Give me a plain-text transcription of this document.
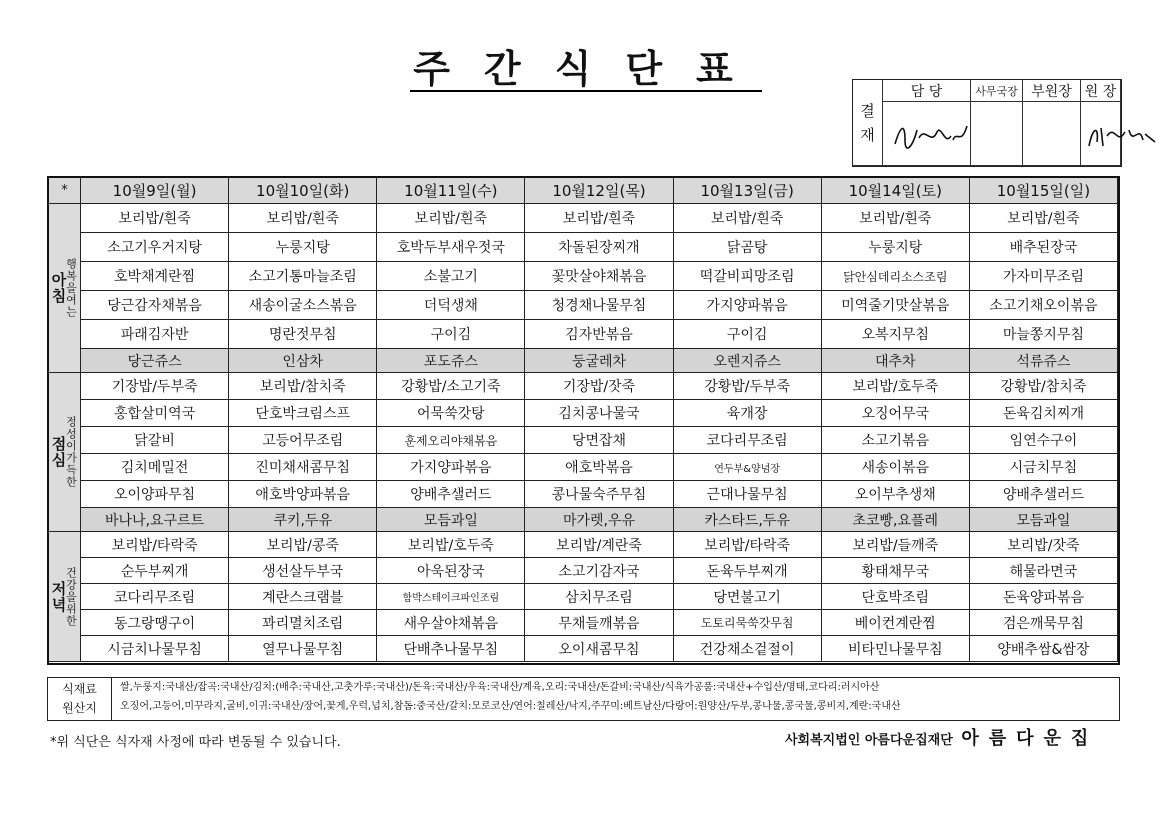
주간식단표
결
재
담 당	사무국장 부원장 원 장
*	10월9일(월)	10월10일(화)	10월11일(수)	10월12일(목)	10월13일(금)	10월14일(토)	10월15일(일)
행복을여는
아침
보리밥/흰죽	보리밥/흰죽	보리밥/흰죽	보리밥/흰죽	보리밥/흰죽	보리밥/흰죽	보리밥/흰죽
소고기우거지탕	누룽지탕	호박두부새우젓국	차돌된장찌개	닭곰탕	누룽지탕	배추된장국
호박채계란찜	소고기통마늘조림	소불고기	꽃맛살야채볶음	떡갈비피망조림	닭안심데리소스조림	가자미무조림
당근감자채볶음	새송이굴소스볶음	더덕생채	청경채나물무침	가지양파볶음	미역줄기맛살볶음	소고기채오이볶음
파래김자반	명란젓무침	구이김	김자반볶음	구이김	오복지무침	마늘쫑지무침
당근쥬스	인삼차	포도쥬스	둥굴레차	오렌지쥬스	대추차	석류쥬스
정성이가득한
점심
기장밥/두부죽	보리밥/참치죽	강황밥/소고기죽	기장밥/잣죽	강황밥/두부죽	보리밥/호두죽	강황밥/참치죽
홍합살미역국	단호박크림스프	어묵쑥갓탕	김치콩나물국	육개장	오징어무국	돈육김치찌개
닭갈비	고등어무조림	훈제오리야채볶음	당면잡채	코다리무조림	소고기볶음	임연수구이
김치메밀전	진미채새콤무침	가지양파볶음	애호박볶음	연두부&양념장	새송이볶음	시금치무침
오이양파무침	애호박양파볶음	양배추샐러드	콩나물숙주무침	근대나물무침	오이부추생채	양배추샐러드
바나나,요구르트	쿠키,두유	모듬과일	마가렛,우유	카스타드,두유	초코빵,요플레	모듬과일
건강을위한
저녁
보리밥/타락죽	보리밥/콩죽	보리밥/호두죽	보리밥/계란죽	보리밥/타락죽	보리밥/들깨죽	보리밥/잣죽
순두부찌개	생선살두부국	아욱된장국	소고기감자국	돈육두부찌개	황태채무국	해물라면국
코다리무조림	계란스크램블	함박스테이크파인조림	삼치무조림	당면불고기	단호박조림	돈육양파볶음
동그랑땡구이	꽈리멸치조림	새우살야채볶음	무채들깨볶음	도토리묵쑥갓무침	베이컨계란찜	검은깨묵무침
시금치나물무침	열무나물무침	단배추나물무침	오이새콤무침	건강채소겉절이	비타민나물무침	양배추쌈&쌈장
식재료
원산지
쌀,누룽지:국내산/잡곡:국내산/김치:(배추:국내산,고춧가루:국내산)/돈육:국내산/우육:국내산/계육,오리:국내산/돈갈비:국내산/식육가공품:국내산+수입산/명태,코다리:러시아산
오징어,고등어,미꾸라지,굴비,이귀:국내산/장어,꽃게,우럭,넙치,참돔:중국산/갈치:모로코산/연어:칠레산/낙지,주꾸미:베트남산/다랑어:원양산/두부,콩나물,콩국물,콩비지,계란:국내산
*위 식단은 식자재 사정에 따라 변동될 수 있습니다.	사회복지법인 아름다운집재단 아름다운집
